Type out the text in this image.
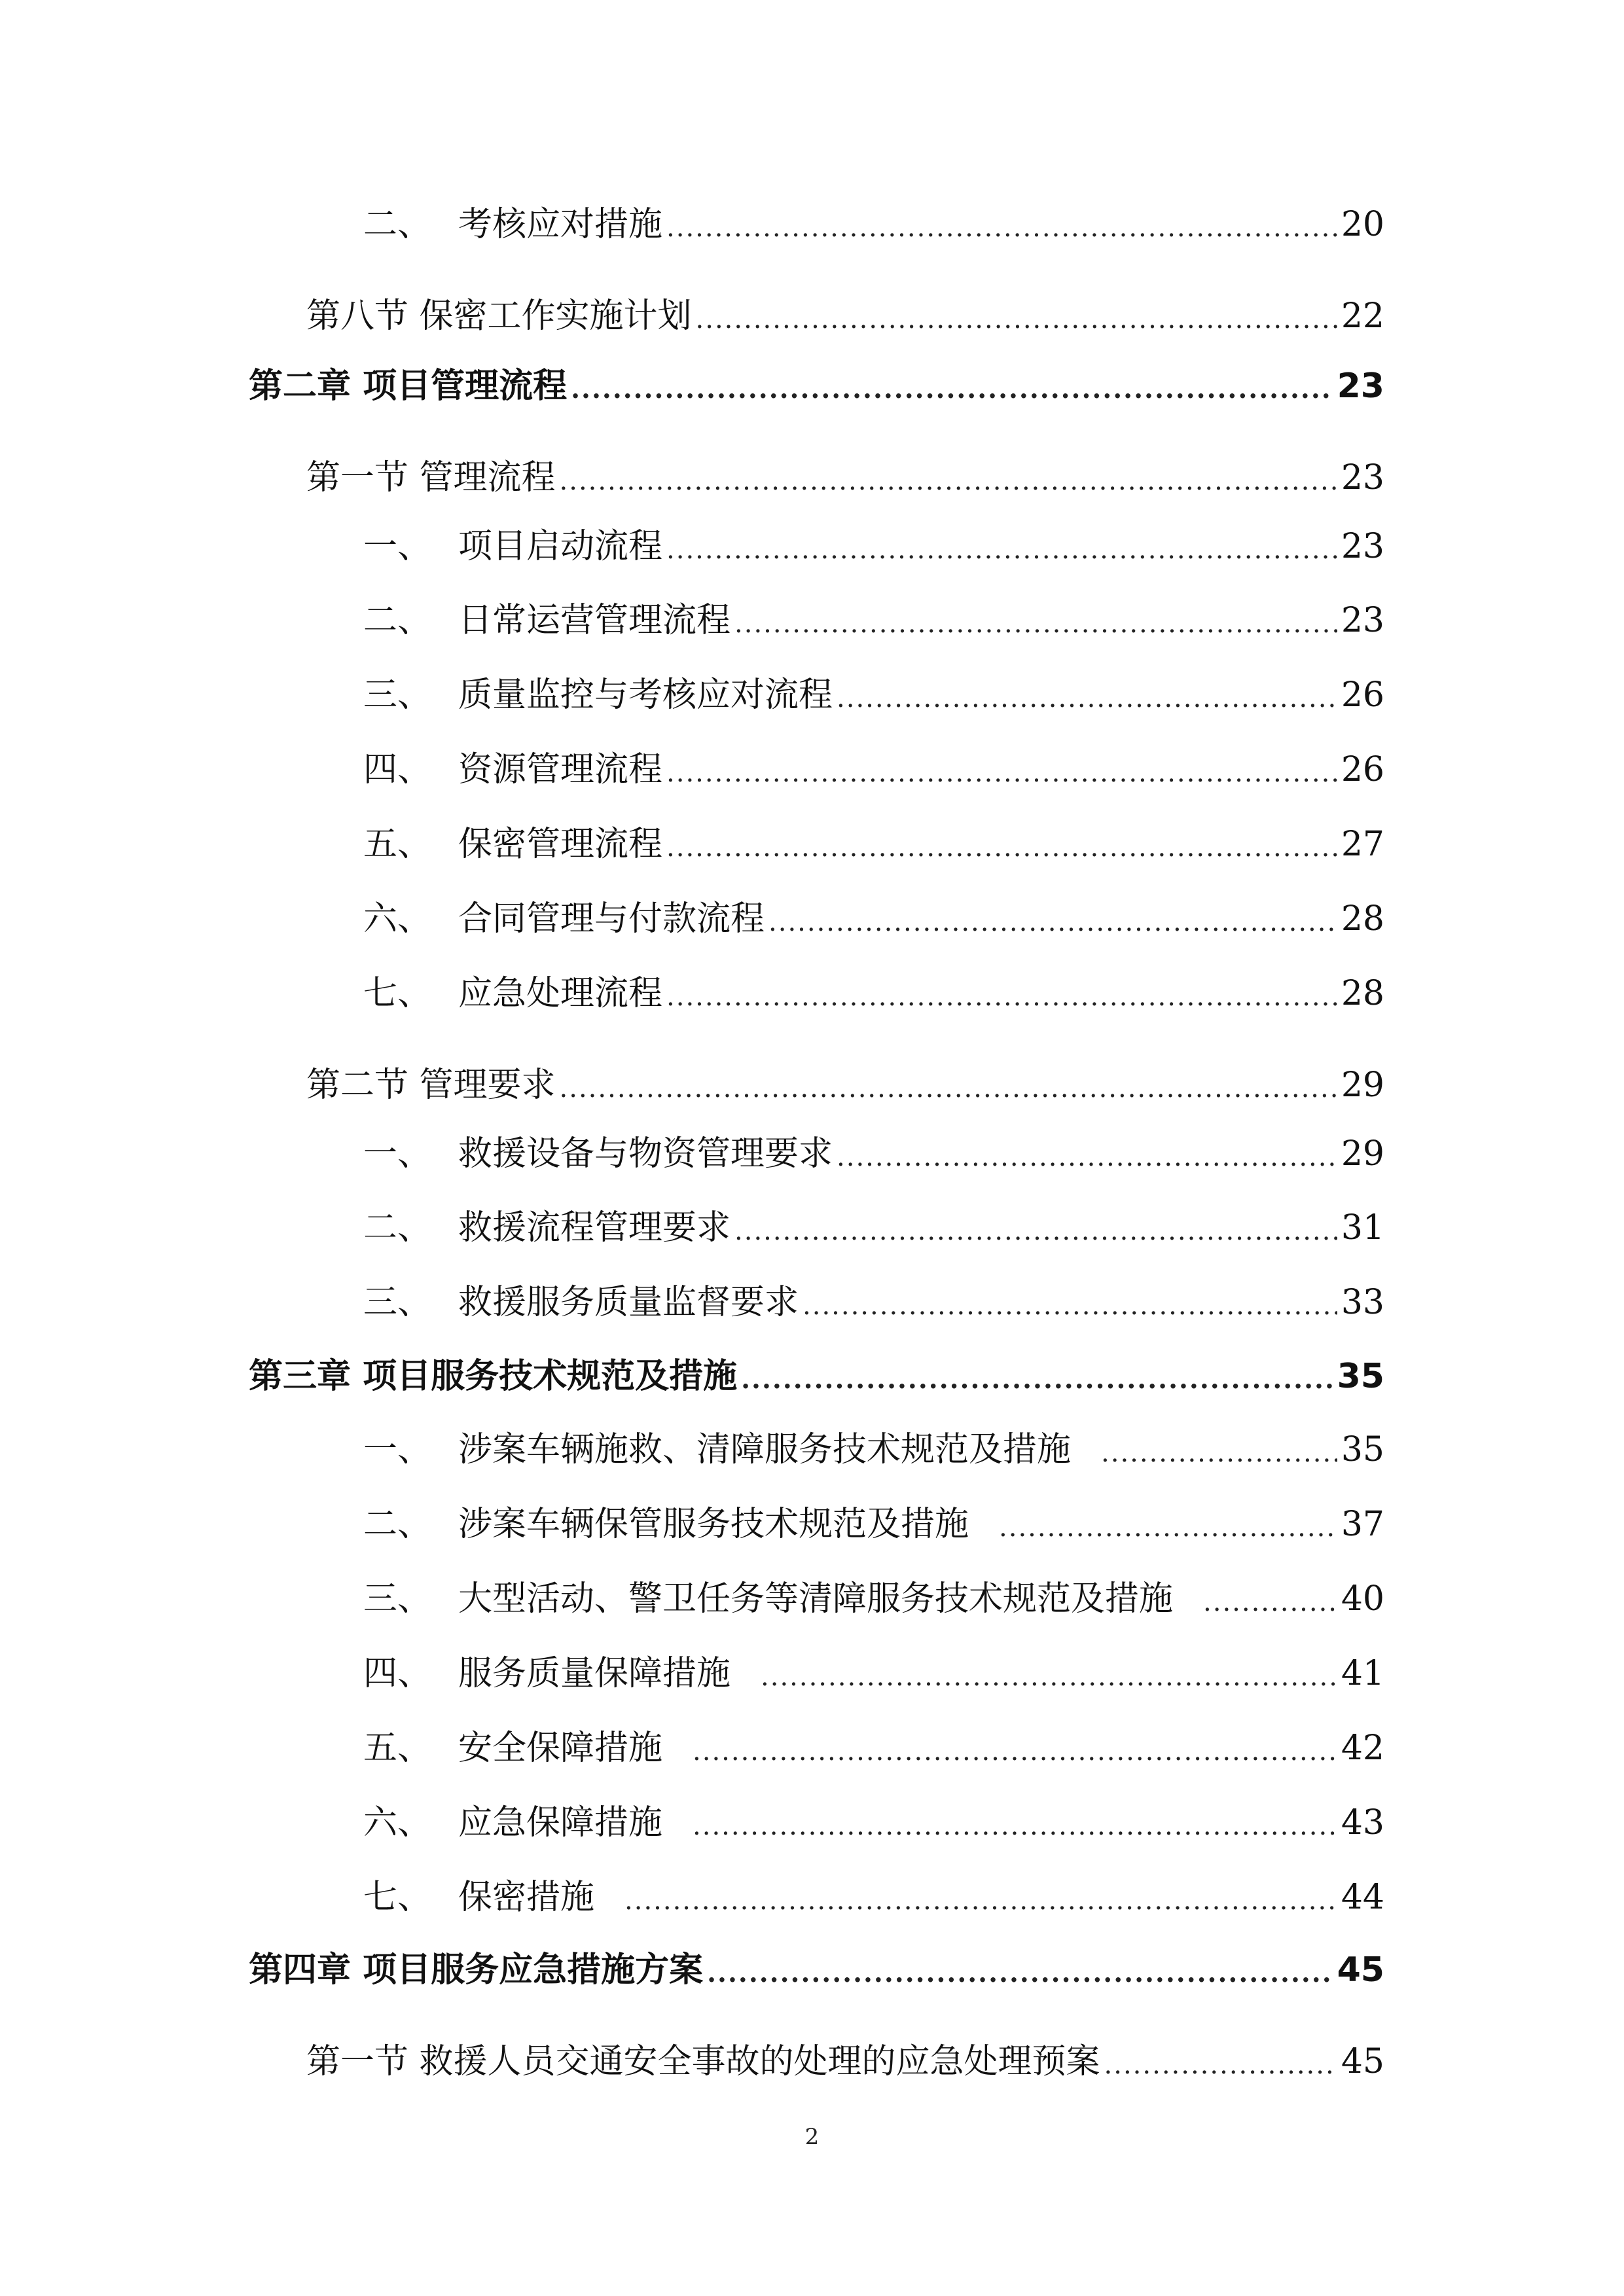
二、 考核应对措施 .....	20
第八节 保密工作实施计划 .....	22
第二章 项目管理流程 .....	23
第一节 管理流程 .....	23
一、 项目启动流程 .....	23
二、 日常运营管理流程 .....	23
三、 质量监控与考核应对流程 .....	26
四、 资源管理流程 .....	26
五、 保密管理流程 .....	27
六、 合同管理与付款流程 .....	28
七、 应急处理流程 .....	28
第二节 管理要求 .....	29
一、 救援设备与物资管理要求 .....	29
二、 救援流程管理要求 .....	31
三、 救援服务质量监督要求 .....	33
第三章 项目服务技术规范及措施 .....	35
一、 涉案车辆施救、清障服务技术规范及措施 .....	35
二、 涉案车辆保管服务技术规范及措施 .....	37
三、 大型活动、警卫任务等清障服务技术规范及措施 .....	40
四、 服务质量保障措施 .....	41
五、 安全保障措施 .....	42
六、 应急保障措施 .....	43
七、 保密措施 .....	44
第四章 项目服务应急措施方案 .....	45
第一节 救援人员交通安全事故的处理的应急处理预案 .....	45
2
